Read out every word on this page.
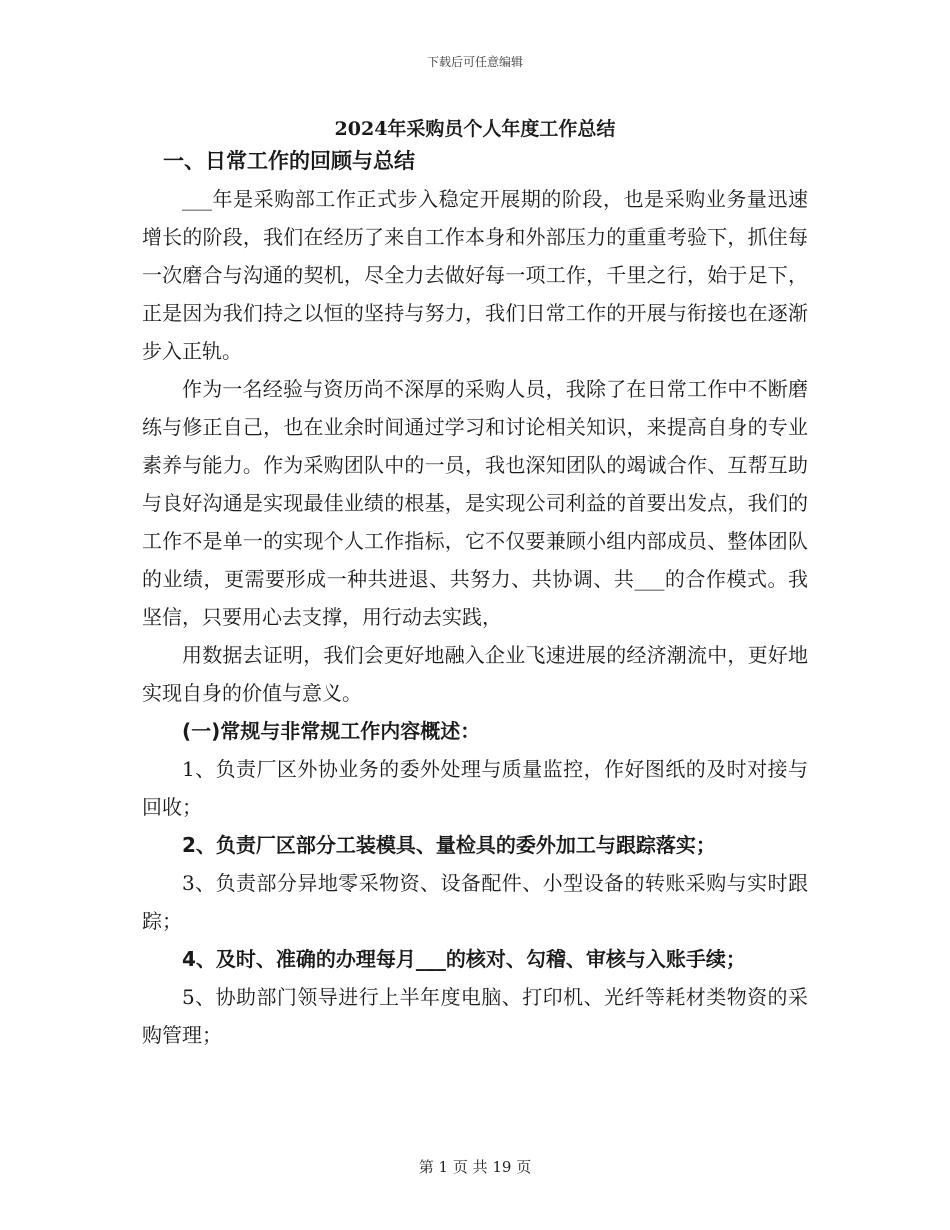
下载后可任意编辑
2024年采购员个人年度工作总结

一、日常工作的回顾与总结

___年是采购部工作正式步入稳定开展期的阶段，也是采购业务量迅速增长的阶段，我们在经历了来自工作本身和外部压力的重重考验下，抓住每一次磨合与沟通的契机，尽全力去做好每一项工作，千里之行，始于足下，正是因为我们持之以恒的坚持与努力，我们日常工作的开展与衔接也在逐渐步入正轨。

作为一名经验与资历尚不深厚的采购人员，我除了在日常工作中不断磨练与修正自己，也在业余时间通过学习和讨论相关知识，来提高自身的专业素养与能力。作为采购团队中的一员，我也深知团队的竭诚合作、互帮互助与良好沟通是实现最佳业绩的根基，是实现公司利益的首要出发点，我们的工作不是单一的实现个人工作指标，它不仅要兼顾小组内部成员、整体团队的业绩，更需要形成一种共进退、共努力、共协调、共___的合作模式。我坚信，只要用心去支撑，用行动去实践，

用数据去证明，我们会更好地融入企业飞速进展的经济潮流中，更好地实现自身的价值与意义。

(一)常规与非常规工作内容概述：

1、负责厂区外协业务的委外处理与质量监控，作好图纸的及时对接与回收；

2、负责厂区部分工装模具、量检具的委外加工与跟踪落实；

3、负责部分异地零采物资、设备配件、小型设备的转账采购与实时跟踪；

4、及时、准确的办理每月___的核对、勾稽、审核与入账手续；

5、协助部门领导进行上半年度电脑、打印机、光纤等耗材类物资的采购管理；

第 1 页 共 19 页
